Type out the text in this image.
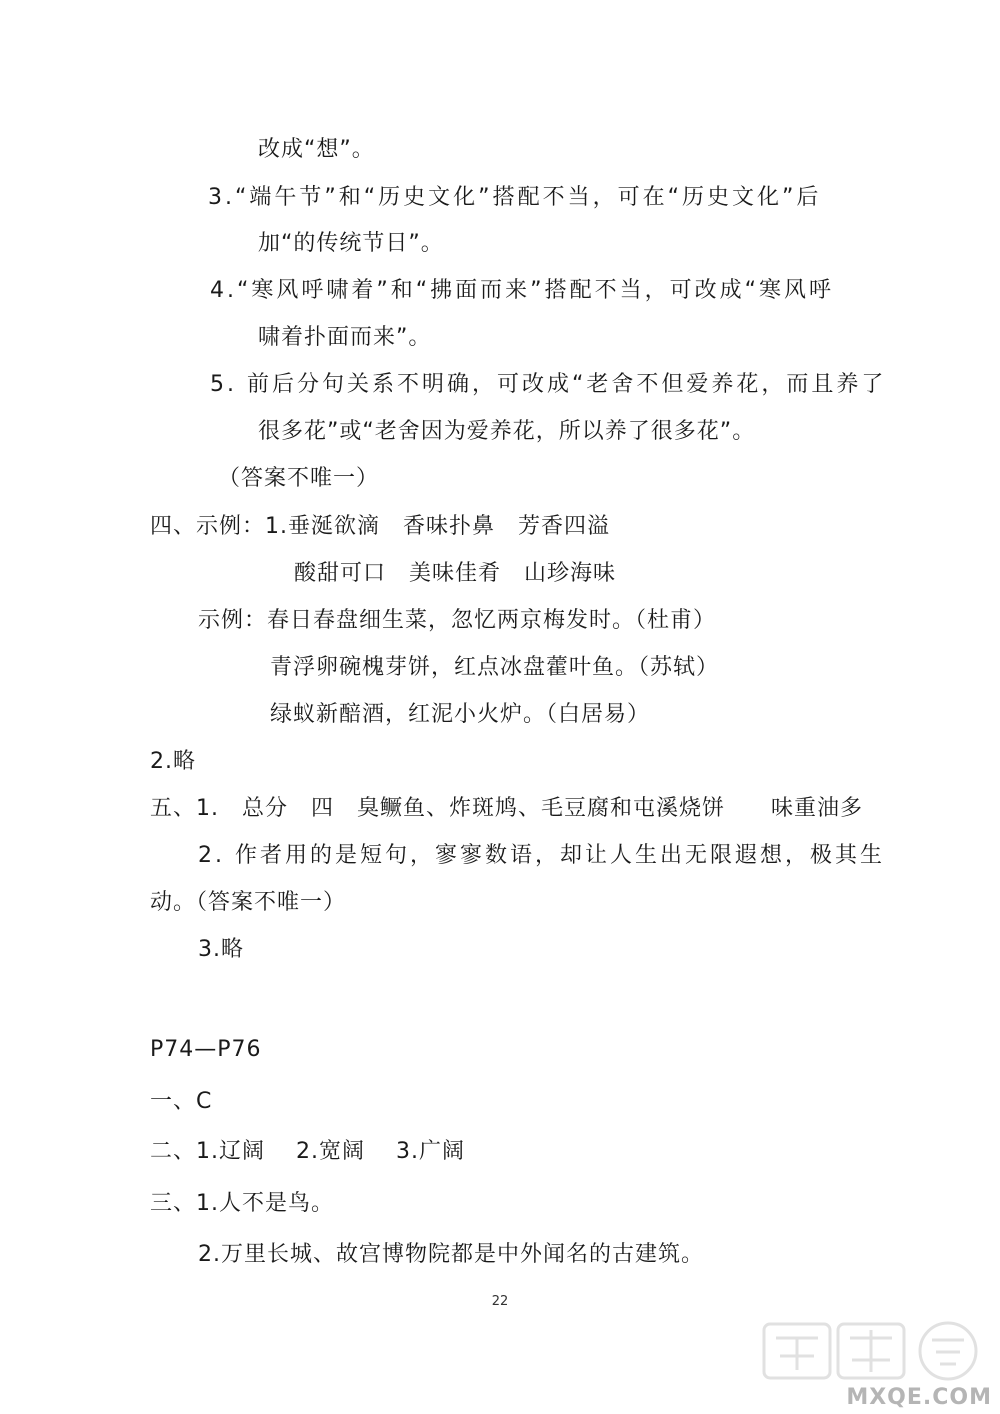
改成“想”。
3.“端午节”和“历史文化”搭配不当，可在“历史文化”后
加“的传统节日”。
4.“寒风呼啸着”和“拂面而来”搭配不当，可改成“寒风呼
啸着扑面而来”。
5. 前后分句关系不明确，可改成“老舍不但爱养花，而且养了
很多花”或“老舍因为爱养花，所以养了很多花”。
（答案不唯一）
四、示例：1.垂涎欲滴　香味扑鼻　芳香四溢
酸甜可口　美味佳肴　山珍海味
示例：春日春盘细生菜，忽忆两京梅发时。（杜甫）
青浮卵碗槐芽饼，红点冰盘藿叶鱼。（苏轼）
绿蚁新醅酒，红泥小火炉。（白居易）
2.略
五、1.　总分　四　臭鳜鱼、炸斑鸠、毛豆腐和屯溪烧饼　　味重油多
2. 作者用的是短句，寥寥数语，却让人生出无限遐想，极其生
动。（答案不唯一）
3.略
P74—P76
一、C
二、1.辽阔　 2.宽阔　 3.广阔
三、1.人不是鸟。
2.万里长城、故宫博物院都是中外闻名的古建筑。
22
MXQE.COM
